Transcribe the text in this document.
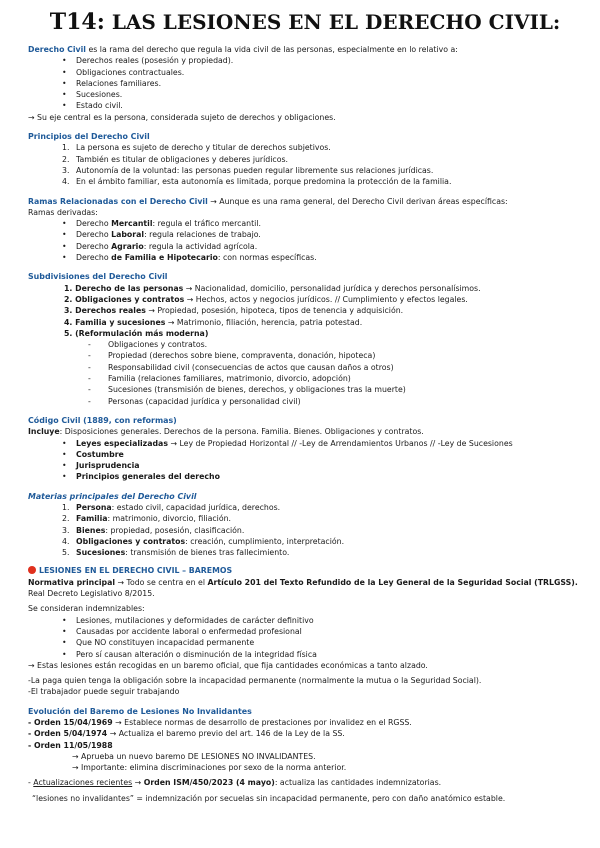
T14: LAS LESIONES EN EL DERECHO CIVIL:

Derecho Civil es la rama del derecho que regula la vida civil de las personas, especialmente en lo relativo a:

• Derechos reales (posesión y propiedad).
• Obligaciones contractuales.
• Relaciones familiares.
• Sucesiones.
• Estado civil.

→ Su eje central es la persona, considerada sujeto de derechos y obligaciones.

Principios del Derecho Civil
1. La persona es sujeto de derecho y titular de derechos subjetivos.
2. También es titular de obligaciones y deberes jurídicos.
3. Autonomía de la voluntad: las personas pueden regular libremente sus relaciones jurídicas.
4. En el ámbito familiar, esta autonomía es limitada, porque predomina la protección de la familia.
Ramas Relacionadas con el Derecho Civil → Aunque es una rama general, del Derecho Civil derivan áreas específicas:

Ramas derivadas:

• Derecho Mercantil: regula el tráfico mercantil.
• Derecho Laboral: regula relaciones de trabajo.
• Derecho Agrario: regula la actividad agrícola.
• Derecho de Familia e Hipotecario: con normas específicas.
Subdivisiones del Derecho Civil
1. Derecho de las personas → Nacionalidad, domicilio, personalidad jurídica y derechos personalísimos.
2. Obligaciones y contratos → Hechos, actos y negocios jurídicos. // Cumplimiento y efectos legales.
3. Derechos reales → Propiedad, posesión, hipoteca, tipos de tenencia y adquisición.
4. Familia y sucesiones → Matrimonio, filiación, herencia, patria potestad.
5. (Reformulación más moderna)
- Obligaciones y contratos.
- Propiedad (derechos sobre biene, compraventa, donación, hipoteca)
- Responsabilidad civil (consecuencias de actos que causan daños a otros)
- Familia (relaciones familiares, matrimonio, divorcio, adopción)
- Sucesiones (transmisión de bienes, derechos, y obligaciones tras la muerte)
- Personas (capacidad jurídica y personalidad civil)
Código Civil (1889, con reformas)

Incluye: Disposiciones generales. Derechos de la persona. Familia. Bienes. Obligaciones y contratos.

• Leyes especializadas → Ley de Propiedad Horizontal // -Ley de Arrendamientos Urbanos // -Ley de Sucesiones
• Costumbre
• Jurisprudencia
• Principios generales del derecho
Materias principales del Derecho Civil
1. Persona: estado civil, capacidad jurídica, derechos.
2. Familia: matrimonio, divorcio, filiación.
3. Bienes: propiedad, posesión, clasificación.
4. Obligaciones y contratos: creación, cumplimiento, interpretación.
5. Sucesiones: transmisión de bienes tras fallecimiento.
LESIONES EN EL DERECHO CIVIL – BAREMOS

Normativa principal → Todo se centra en el Artículo 201 del Texto Refundido de la Ley General de la Seguridad Social (TRLGSS). Real Decreto Legislativo 8/2015.

Se consideran indemnizables:

• Lesiones, mutilaciones y deformidades de carácter definitivo
• Causadas por accidente laboral o enfermedad profesional
• Que NO constituyen incapacidad permanente
• Pero sí causan alteración o disminución de la integridad física

→ Estas lesiones están recogidas en un baremo oficial, que fija cantidades económicas a tanto alzado.

-La paga quien tenga la obligación sobre la incapacidad permanente (normalmente la mutua o la Seguridad Social).

-El trabajador puede seguir trabajando

Evolución del Baremo de Lesiones No Invalidantes

- Orden 15/04/1969 → Establece normas de desarrollo de prestaciones por invalidez en el RGSS.

- Orden 5/04/1974 → Actualiza el baremo previo del art. 146 de la Ley de la SS.

- Orden 11/05/1988

→ Aprueba un nuevo baremo DE LESIONES NO INVALIDANTES.

→ Importante: elimina discriminaciones por sexo de la norma anterior.

- Actualizaciones recientes → Orden ISM/450/2023 (4 mayo): actualiza las cantidades indemnizatorias.

“lesiones no invalidantes” = indemnización por secuelas sin incapacidad permanente, pero con daño anatómico estable.
